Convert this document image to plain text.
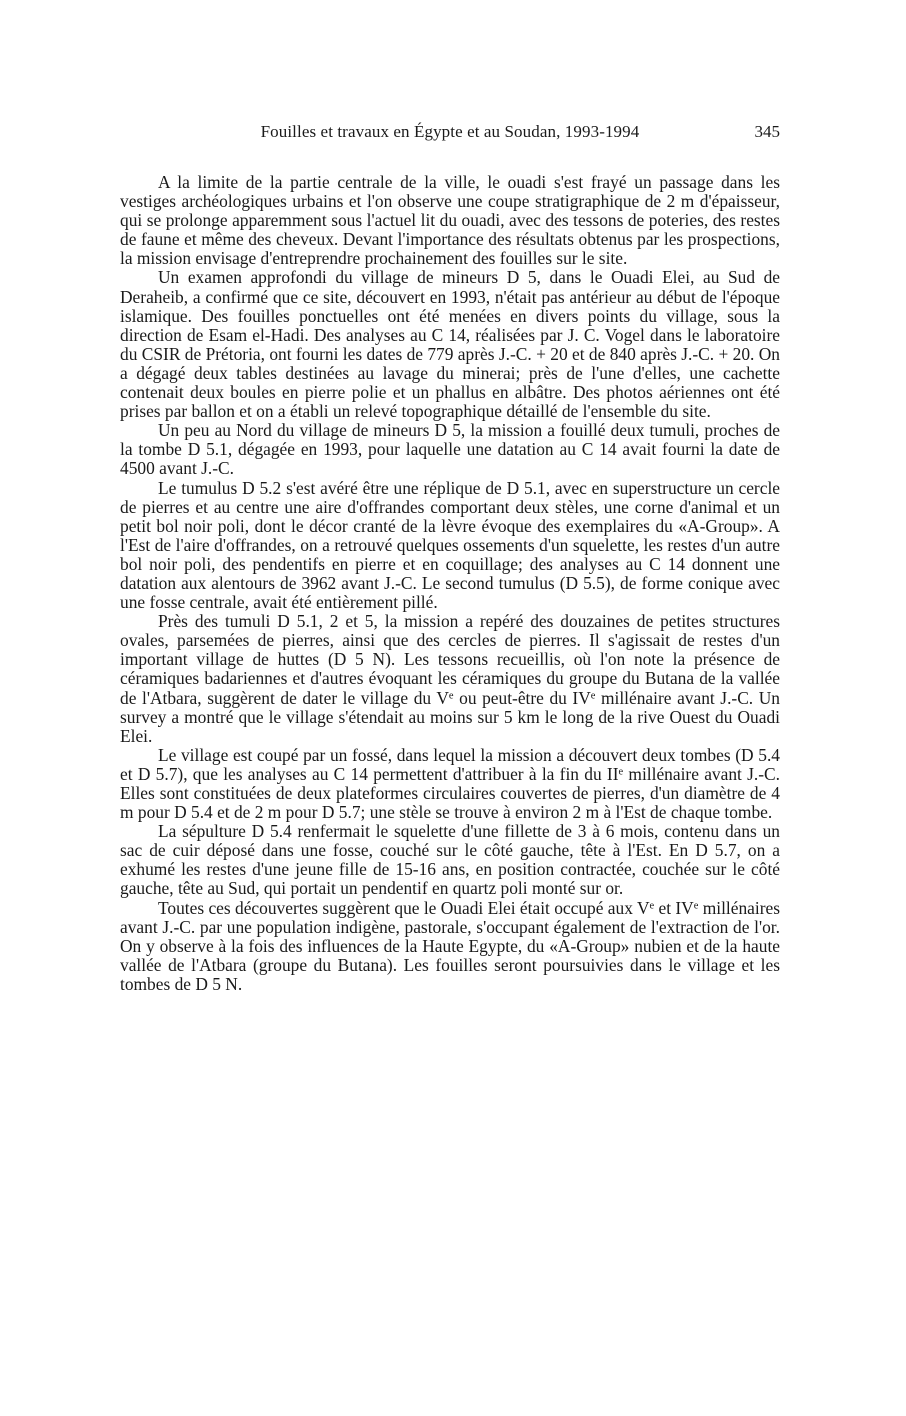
Fouilles et travaux en Égypte et au Soudan, 1993-1994	345

A la limite de la partie centrale de la ville, le ouadi s'est frayé un passage dans les vestiges archéologiques urbains et l'on observe une coupe stratigraphique de 2 m d'épaisseur, qui se prolonge apparemment sous l'actuel lit du ouadi, avec des tessons de poteries, des restes de faune et même des cheveux. Devant l'importance des résultats obtenus par les prospections, la mission envisage d'entreprendre prochainement des fouilles sur le site.

Un examen approfondi du village de mineurs D 5, dans le Ouadi Elei, au Sud de Deraheib, a confirmé que ce site, découvert en 1993, n'était pas antérieur au début de l'époque islamique. Des fouilles ponctuelles ont été menées en divers points du village, sous la direction de Esam el-Hadi. Des analyses au C 14, réalisées par J. C. Vogel dans le laboratoire du CSIR de Prétoria, ont fourni les dates de 779 après J.-C. + 20 et de 840 après J.-C. + 20. On a dégagé deux tables destinées au lavage du minerai; près de l'une d'elles, une cachette contenait deux boules en pierre polie et un phallus en albâtre. Des photos aériennes ont été prises par ballon et on a établi un relevé topographique détaillé de l'ensemble du site.

Un peu au Nord du village de mineurs D 5, la mission a fouillé deux tumuli, proches de la tombe D 5.1, dégagée en 1993, pour laquelle une datation au C 14 avait fourni la date de 4500 avant J.-C.

Le tumulus D 5.2 s'est avéré être une réplique de D 5.1, avec en superstructure un cercle de pierres et au centre une aire d'offrandes comportant deux stèles, une corne d'animal et un petit bol noir poli, dont le décor cranté de la lèvre évoque des exemplaires du «A-Group». A l'Est de l'aire d'offrandes, on a retrouvé quelques ossements d'un squelette, les restes d'un autre bol noir poli, des pendentifs en pierre et en coquillage; des analyses au C 14 donnent une datation aux alentours de 3962 avant J.-C. Le second tumulus (D 5.5), de forme conique avec une fosse centrale, avait été entièrement pillé.

Près des tumuli D 5.1, 2 et 5, la mission a repéré des douzaines de petites structures ovales, parsemées de pierres, ainsi que des cercles de pierres. Il s'agissait de restes d'un important village de huttes (D 5 N). Les tessons recueillis, où l'on note la présence de céramiques badariennes et d'autres évoquant les céramiques du groupe du Butana de la vallée de l'Atbara, suggèrent de dater le village du Ve ou peut-être du IVe millénaire avant J.-C. Un survey a montré que le village s'étendait au moins sur 5 km le long de la rive Ouest du Ouadi Elei.

Le village est coupé par un fossé, dans lequel la mission a découvert deux tombes (D 5.4 et D 5.7), que les analyses au C 14 permettent d'attribuer à la fin du IIe millénaire avant J.-C. Elles sont constituées de deux plateformes circulaires couvertes de pierres, d'un diamètre de 4 m pour D 5.4 et de 2 m pour D 5.7; une stèle se trouve à environ 2 m à l'Est de chaque tombe.

La sépulture D 5.4 renfermait le squelette d'une fillette de 3 à 6 mois, contenu dans un sac de cuir déposé dans une fosse, couché sur le côté gauche, tête à l'Est. En D 5.7, on a exhumé les restes d'une jeune fille de 15-16 ans, en position contractée, couchée sur le côté gauche, tête au Sud, qui portait un pendentif en quartz poli monté sur or.

Toutes ces découvertes suggèrent que le Ouadi Elei était occupé aux Ve et IVe millénaires avant J.-C. par une population indigène, pastorale, s'occupant également de l'extraction de l'or. On y observe à la fois des influences de la Haute Egypte, du «A-Group» nubien et de la haute vallée de l'Atbara (groupe du Butana). Les fouilles seront poursuivies dans le village et les tombes de D 5 N.
